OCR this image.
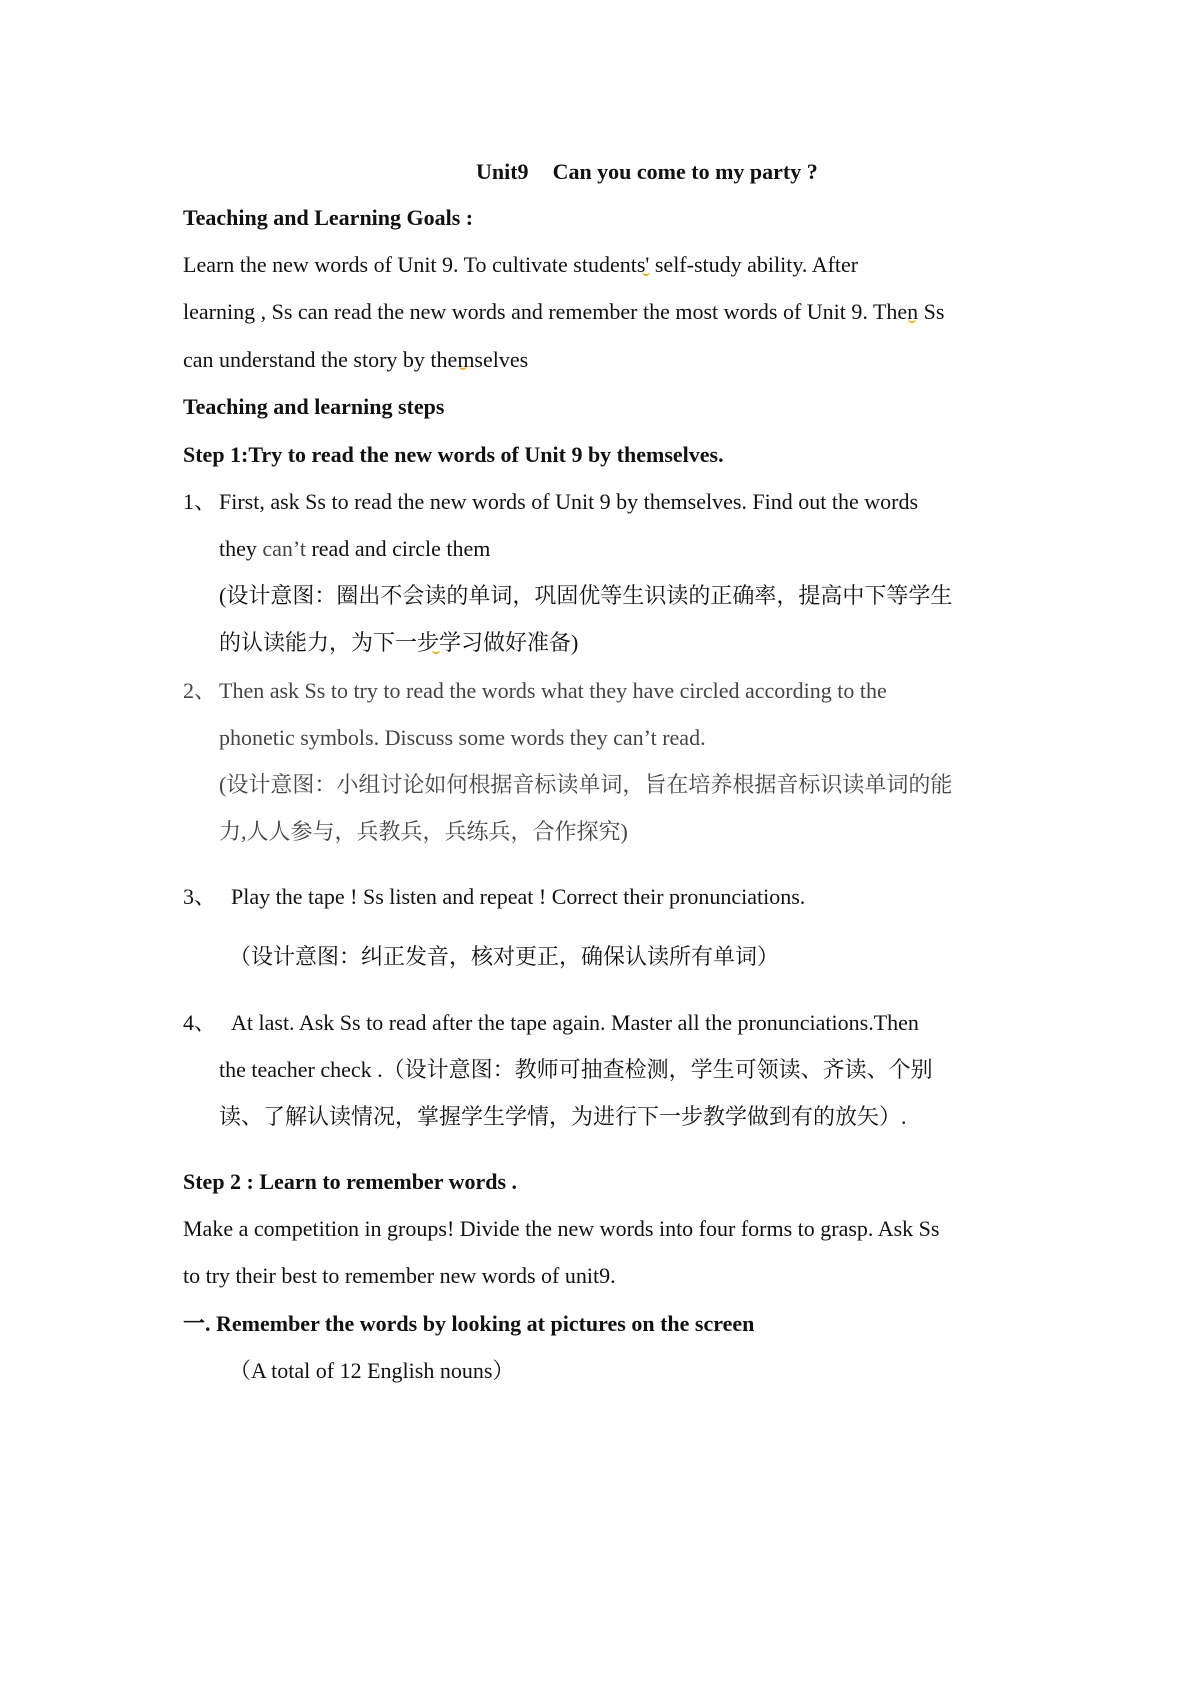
Unit9 Can you come to my party ?
Teaching and Learning Goals :
Learn the new words of Unit 9. To cultivate students' self-study ability. After
learning , Ss can read the new words and remember the most words of Unit 9. Then Ss
can understand the story by themselves
Teaching and learning steps
Step 1:Try to read the new words of Unit 9 by themselves.
1、 First, ask Ss to read the new words of Unit 9 by themselves. Find out the words
they can’t read and circle them
(设计意图：圈出不会读的单词，巩固优等生识读的正确率，提高中下等学生
的认读能力，为下一步学习做好准备)
2、 Then ask Ss to try to read the words what they have circled according to the
phonetic symbols. Discuss some words they can’t read.
(设计意图：小组讨论如何根据音标读单词，旨在培养根据音标识读单词的能
力,人人参与，兵教兵，兵练兵，合作探究)
3、 Play the tape ! Ss listen and repeat ! Correct their pronunciations.
（设计意图：纠正发音，核对更正，确保认读所有单词）
4、 At last. Ask Ss to read after the tape again. Master all the pronunciations.Then
the teacher check .（设计意图：教师可抽查检测，学生可领读、齐读、个别
读、了解认读情况，掌握学生学情，为进行下一步教学做到有的放矢）.
Step 2 : Learn to remember words .
Make a competition in groups! Divide the new words into four forms to grasp. Ask Ss
to try their best to remember new words of unit9.
一. Remember the words by looking at pictures on the screen
（A total of 12 English nouns）
